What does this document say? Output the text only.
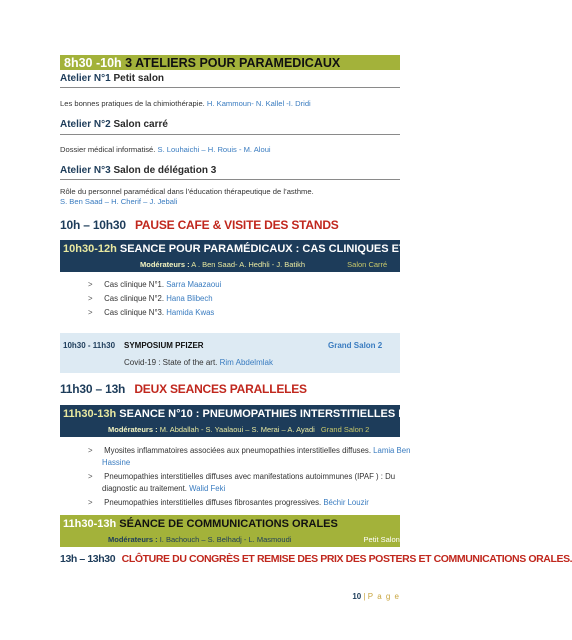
8h30 -10h 3 ATELIERS POUR PARAMEDICAUX
Atelier N°1 Petit salon
Les bonnes pratiques de la chimiothérapie. H. Kammoun- N. Kallel -I. Dridi
Atelier N°2 Salon carré
Dossier médical informatisé. S. Louhaichi – H. Rouis - M. Aloui
Atelier N°3 Salon de délégation 3
Rôle du personnel paramédical dans l’éducation thérapeutique de l’asthme.
S. Ben Saad – H. Cherif – J. Jebali
10h – 10h30 PAUSE CAFE & VISITE DES STANDS
10h30-12h SEANCE POUR PARAMÉDICAUX : CAS CLINIQUES ET QUIZ
Modérateurs : A . Ben Saad- A. Hedhli - J. Batikh	Salon Carré
> Cas clinique N°1. Sarra Maazaoui
> Cas clinique N°2. Hana Blibech
> Cas clinique N°3. Hamida Kwas
10h30 - 11h30 SYMPOSIUM PFIZER	Grand Salon 2
Covid-19 : State of the art. Rim Abdelmlak
11h30 – 13h DEUX SEANCES PARALLELES
11h30-13h SEANCE N°10 : PNEUMOPATHIES INTERSTITIELLES DIFFUSES
Modérateurs : M. Abdallah - S. Yaalaoui – S. Merai – A. Ayadi Grand Salon 2
> Myosites inflammatoires associées aux pneumopathies interstitielles diffuses. Lamia Ben
Hassine
> Pneumopathies interstitielles diffuses avec manifestations autoimmunes (IPAF ) : Du
diagnostic au traitement. Walid Feki
> Pneumopathies interstitielles diffuses fibrosantes progressives. Béchir Louzir
11h30-13h SÉANCE DE COMMUNICATIONS ORALES
Modérateurs : I. Bachouch – S. Belhadj - L. Masmoudi	Petit Salon
13h – 13h30 CLÔTURE DU CONGRÈS ET REMISE DES PRIX DES POSTERS ET COMMUNICATIONS ORALES.
10 | P a g e
